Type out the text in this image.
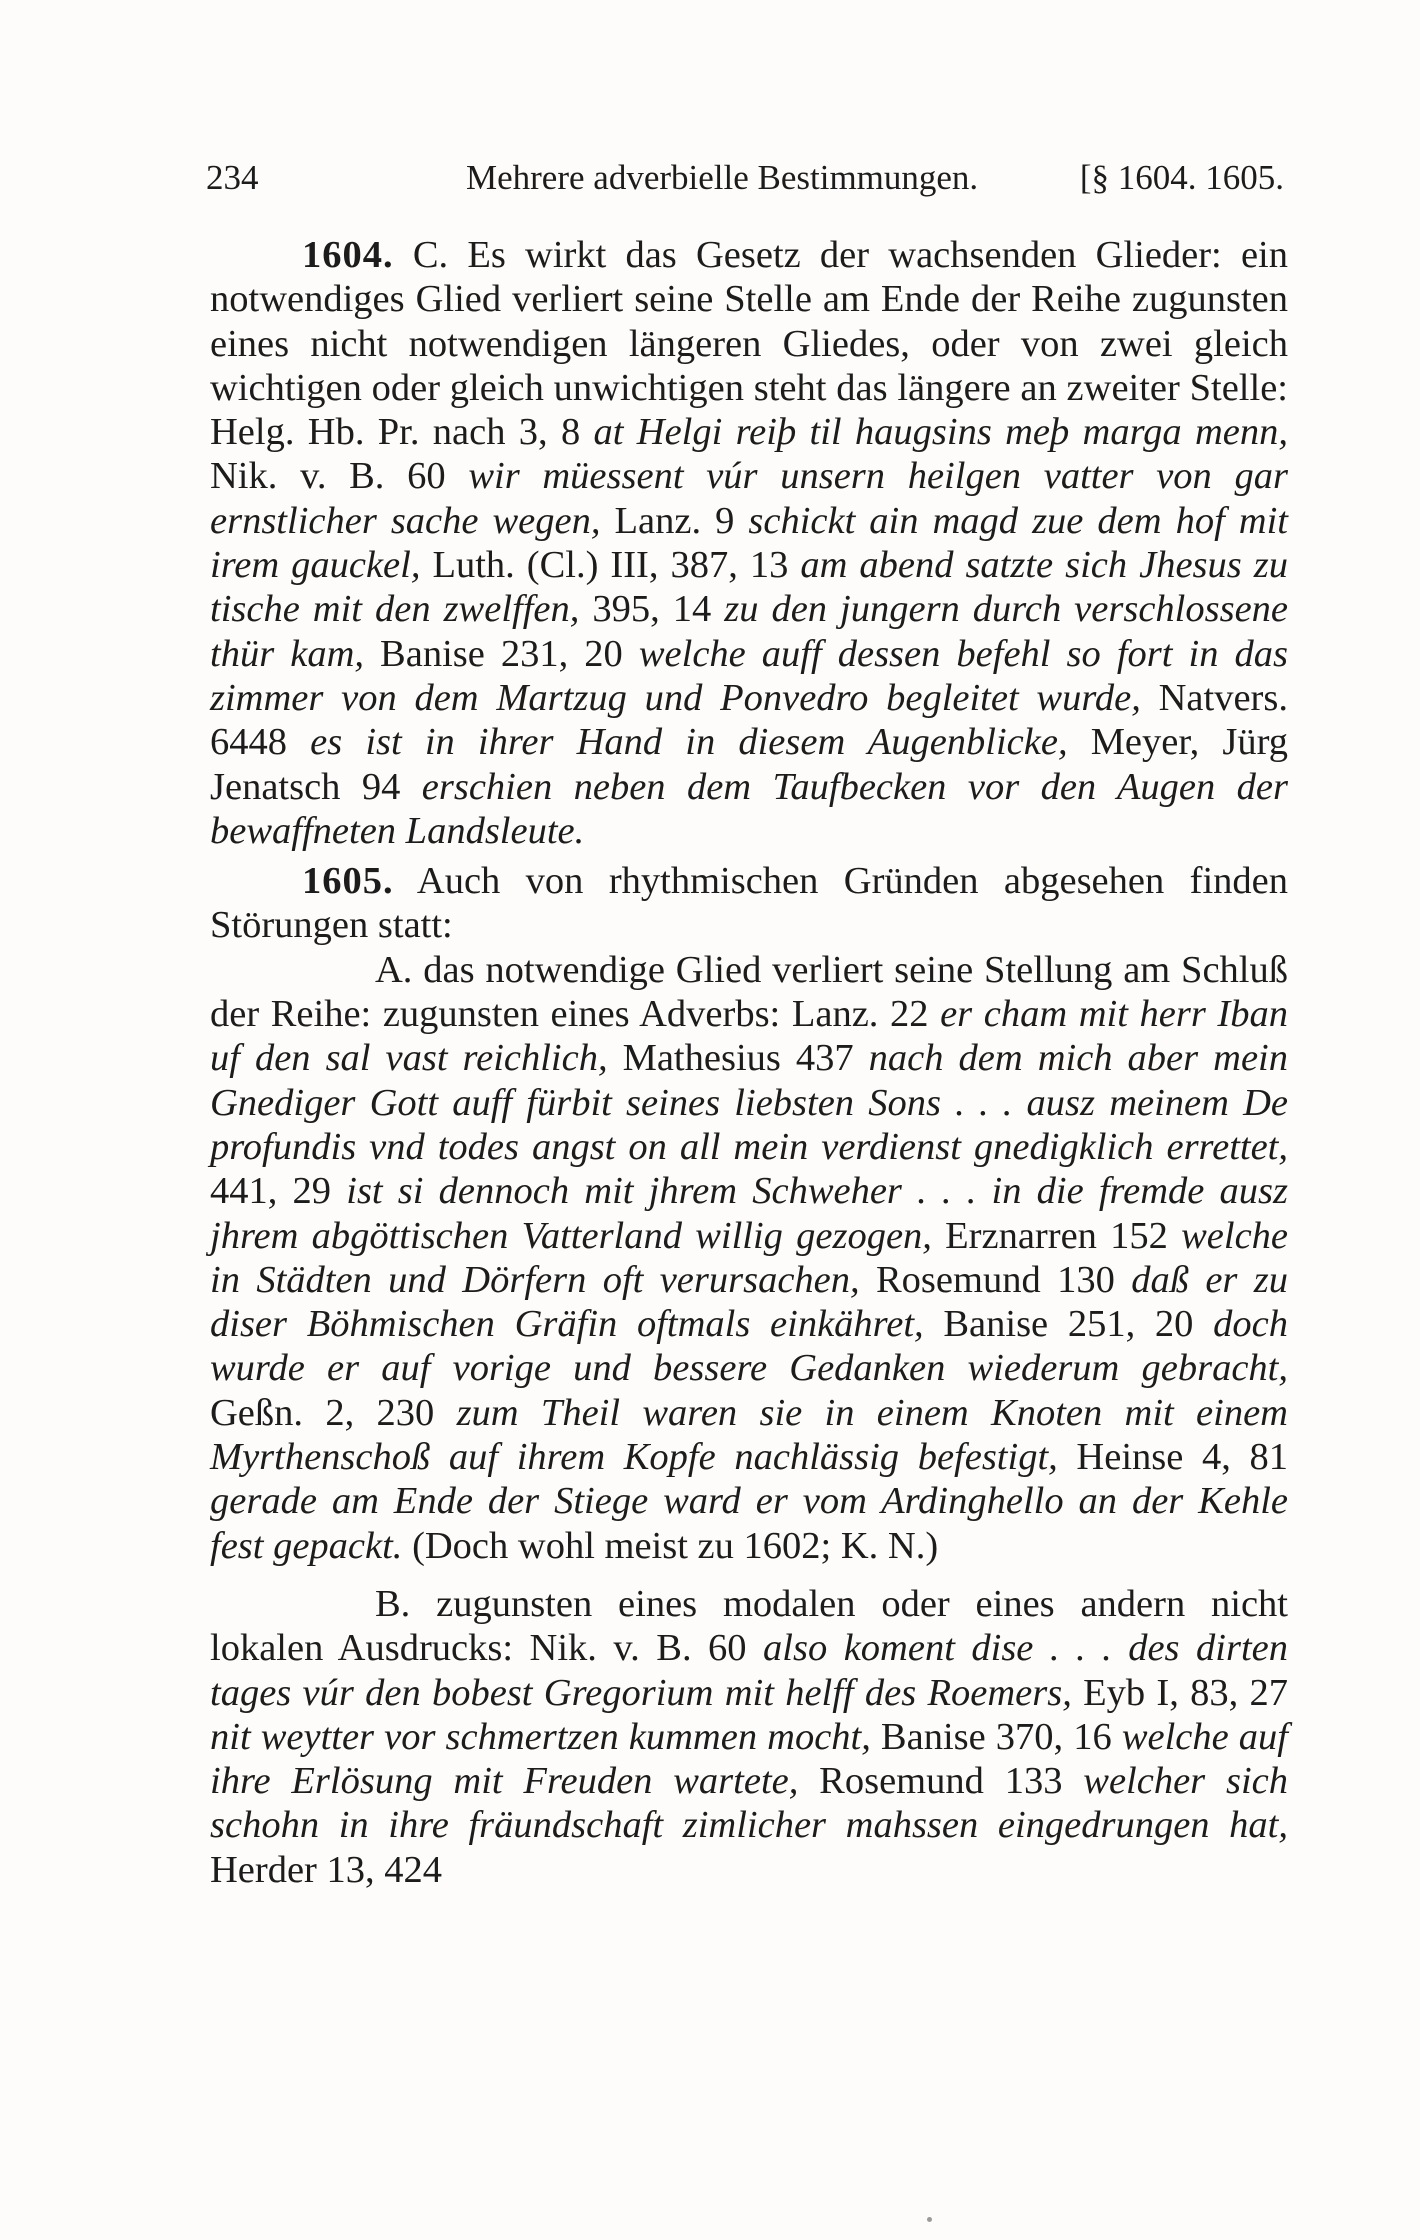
234	Mehrere adverbielle Bestimmungen.	[§ 1604. 1605.

1604. C. Es wirkt das Gesetz der wachsenden Glieder: ein notwendiges Glied verliert seine Stelle am Ende der Reihe zugunsten eines nicht notwendigen längeren Gliedes, oder von zwei gleich wichtigen oder gleich unwichtigen steht das längere an zweiter Stelle: Helg. Hb. Pr. nach 3, 8 at Helgi reiþ til haugsins meþ marga menn, Nik. v. B. 60 wir müessent vúr unsern heilgen vatter von gar ernstlicher sache wegen, Lanz. 9 schickt ain magd zue dem hof mit irem gauckel, Luth. (Cl.) III, 387, 13 am abend satzte sich Jhesus zu tische mit den zwelffen, 395, 14 zu den jungern durch verschlossene thür kam, Banise 231, 20 welche auff dessen befehl so fort in das zimmer von dem Martzug und Ponvedro begleitet wurde, Natvers. 6448 es ist in ihrer Hand in diesem Augenblicke, Meyer, Jürg Jenatsch 94 erschien neben dem Taufbecken vor den Augen der bewaffneten Landsleute.

1605. Auch von rhythmischen Gründen abgesehen finden Störungen statt:

A. das notwendige Glied verliert seine Stellung am Schluß der Reihe: zugunsten eines Adverbs: Lanz. 22 er cham mit herr Iban uf den sal vast reichlich, Mathesius 437 nach dem mich aber mein Gnediger Gott auff fürbit seines liebsten Sons . . . ausz meinem De profundis vnd todes angst on all mein verdienst gnedigklich errettet, 441, 29 ist si dennoch mit jhrem Schweher . . . in die fremde ausz jhrem abgöttischen Vatterland willig gezogen, Erznarren 152 welche in Städten und Dörfern oft verursachen, Rosemund 130 daß er zu diser Böhmischen Gräfin oftmals einkähret, Banise 251, 20 doch wurde er auf vorige und bessere Gedanken wiederum gebracht, Geßn. 2, 230 zum Theil waren sie in einem Knoten mit einem Myrthenschoß auf ihrem Kopfe nachlässig befestigt, Heinse 4, 81 gerade am Ende der Stiege ward er vom Ardinghello an der Kehle fest gepackt. (Doch wohl meist zu 1602; K. N.)

B. zugunsten eines modalen oder eines andern nicht lokalen Ausdrucks: Nik. v. B. 60 also koment dise . . . des dirten tages vúr den bobest Gregorium mit helff des Roemers, Eyb I, 83, 27 nit weytter vor schmertzen kummen mocht, Banise 370, 16 welche auf ihre Erlösung mit Freuden wartete, Rosemund 133 welcher sich schohn in ihre fräundschaft zimlicher mahssen eingedrungen hat, Herder 13, 424
